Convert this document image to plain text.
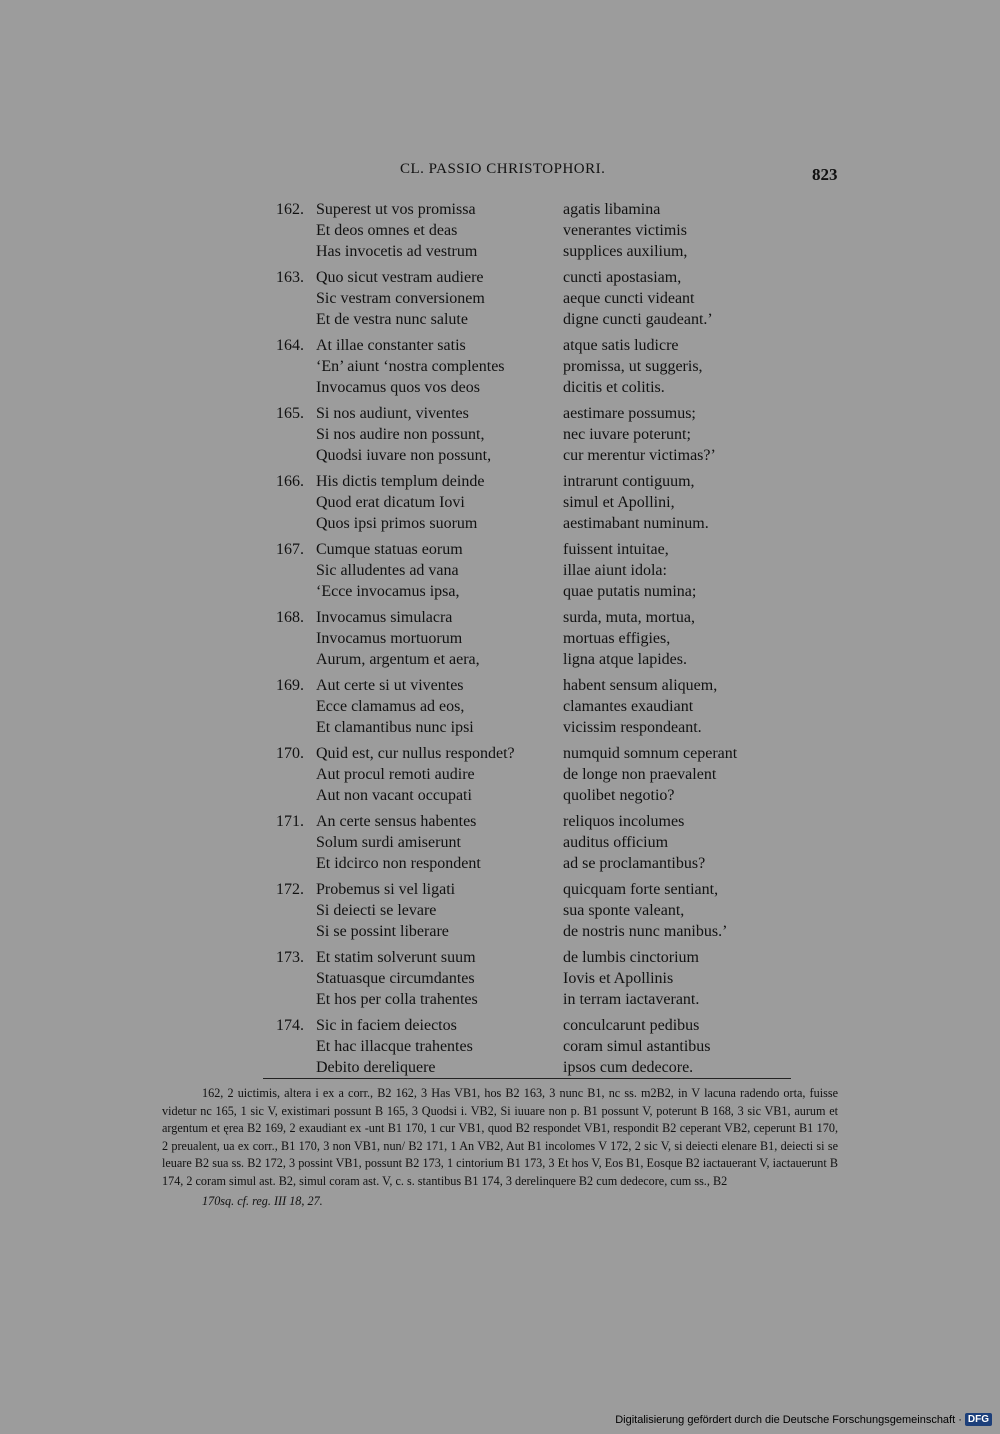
CL. PASSIO CHRISTOPHORI.	823
162. Superest ut vos promissa	agatis libamina
Et deos omnes et deas	venerantes victimis
Has invocetis ad vestrum	supplices auxilium,
163. Quo sicut vestram audiere	cuncti apostasiam,
Sic vestram conversionem	aeque cuncti videant
Et de vestra nunc salute	digne cuncti gaudeant.’
164. At illae constanter satis	atque satis ludicre
‘En’ aiunt ‘nostra complentes	promissa, ut suggeris,
Invocamus quos vos deos	dicitis et colitis.
165. Si nos audiunt, viventes	aestimare possumus;
Si nos audire non possunt,	nec iuvare poterunt;
Quodsi iuvare non possunt,	cur merentur victimas?’
166. His dictis templum deinde	intrarunt contiguum,
Quod erat dicatum Iovi	simul et Apollini,
Quos ipsi primos suorum	aestimabant numinum.
167. Cumque statuas eorum	fuissent intuitae,
Sic alludentes ad vana	illae aiunt idola:
‘Ecce invocamus ipsa,	quae putatis numina;
168. Invocamus simulacra	surda, muta, mortua,
Invocamus mortuorum	mortuas effigies,
Aurum, argentum et aera,	ligna atque lapides.
169. Aut certe si ut viventes	habent sensum aliquem,
Ecce clamamus ad eos,	clamantes exaudiant
Et clamantibus nunc ipsi	vicissim respondeant.
170. Quid est, cur nullus respondet?	numquid somnum ceperant
Aut procul remoti audire	de longe non praevalent
Aut non vacant occupati	quolibet negotio?
171. An certe sensus habentes	reliquos incolumes
Solum surdi amiserunt	auditus officium
Et idcirco non respondent	ad se proclamantibus?
172. Probemus si vel ligati	quicquam forte sentiant,
Si deiecti se levare	sua sponte valeant,
Si se possint liberare	de nostris nunc manibus.’
173. Et statim solverunt suum	de lumbis cinctorium
Statuasque circumdantes	Iovis et Apollinis
Et hos per colla trahentes	in terram iactaverant.
174. Sic in faciem deiectos	conculcarunt pedibus
Et hac illacque trahentes	coram simul astantibus
Debito dereliquere	ipsos cum dedecore.

162, 2 uictimis, altera i ex a corr., B2 162, 3 Has VB1, hos B2 163, 3 nunc B1, nc ss. m2B2, in V lacuna radendo orta, fuisse videtur nc 165, 1 sic V, existimari possunt B 165, 3 Quodsi i. VB2, Si iuuare non p. B1 possunt V, poterunt B 168, 3 sic VB1, aurum et argentum et ęrea B2 169, 2 exaudiant ex -unt B1 170, 1 cur VB1, quod B2 respondet VB1, respondit B2 ceperant VB2, ceperunt B1 170, 2 preualent, ua ex corr., B1 170, 3 non VB1, nun/ B2 171, 1 An VB2, Aut B1 incolomes V 172, 2 sic V, si deiecti elenare B1, deiecti si se leuare B2 sua ss. B2 172, 3 possint VB1, possunt B2 173, 1 cintorium B1 173, 3 Et hos V, Eos B1, Eosque B2 iactauerant V, iactauerunt B 174, 2 coram simul ast. B2, simul coram ast. V, c. s. stantibus B1 174, 3 derelinquere B2 cum dedecore, cum ss., B2

170sq. cf. reg. III 18, 27.

Digitalisierung gefördert durch die Deutsche Forschungsgemeinschaft · DFG
